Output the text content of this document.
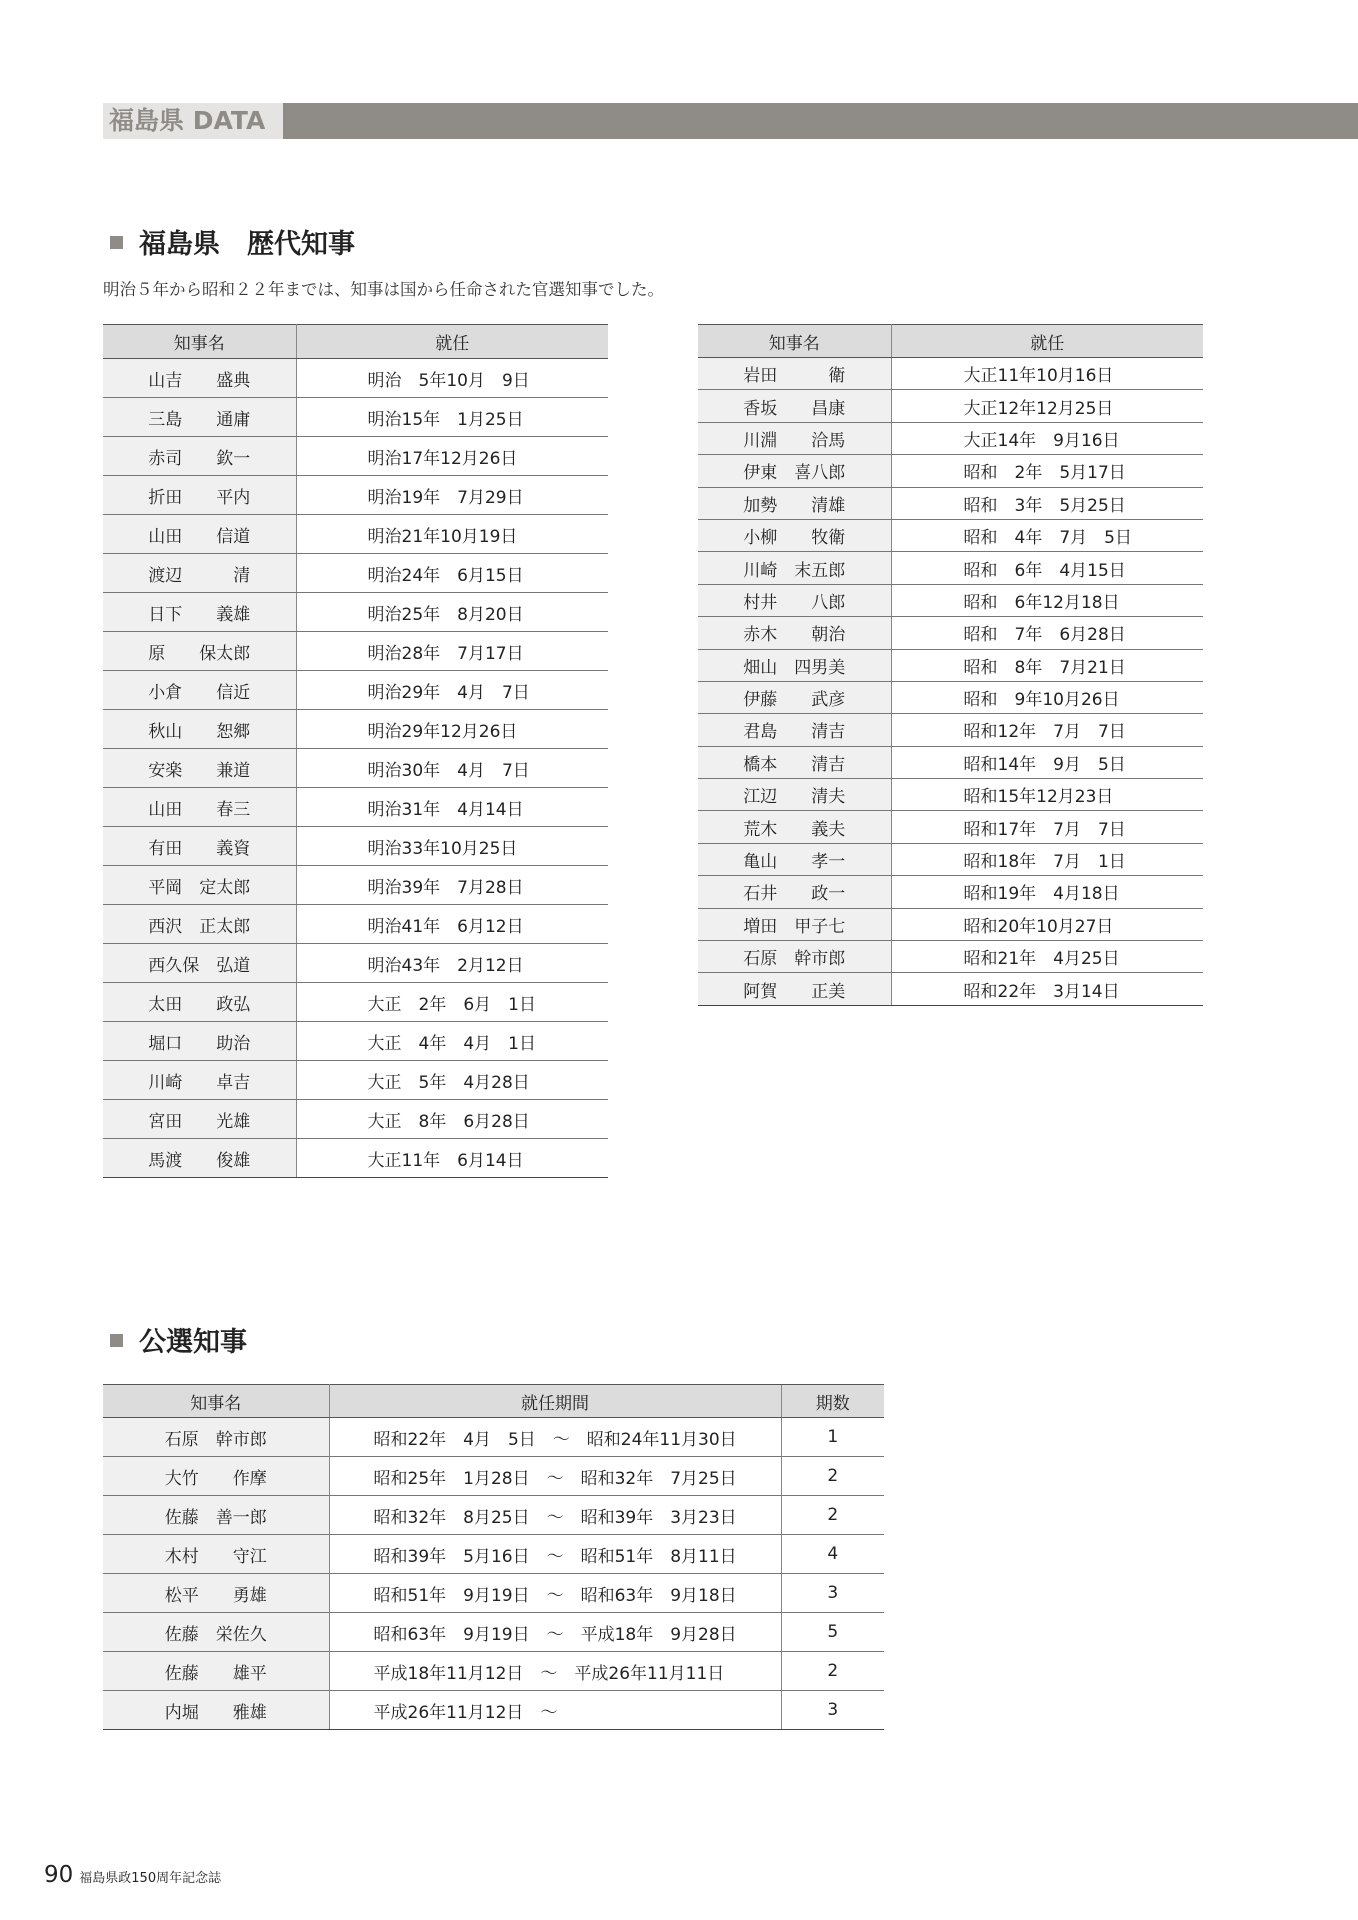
福島県 DATA
福島県　歴代知事
明治５年から昭和２２年までは、知事は国から任命された官選知事でした。
知事名	就任
山吉　　盛典	明治　5年10月　9日
三島　　通庸	明治15年　1月25日
赤司　　欽一	明治17年12月26日
折田　　平内	明治19年　7月29日
山田　　信道	明治21年10月19日
渡辺　　　清	明治24年　6月15日
日下　　義雄	明治25年　8月20日
原　　保太郎	明治28年　7月17日
小倉　　信近	明治29年　4月　7日
秋山　　恕郷	明治29年12月26日
安楽　　兼道	明治30年　4月　7日
山田　　春三	明治31年　4月14日
有田　　義資	明治33年10月25日
平岡　定太郎	明治39年　7月28日
西沢　正太郎	明治41年　6月12日
西久保　弘道	明治43年　2月12日
太田　　政弘	大正　2年　6月　1日
堀口　　助治	大正　4年　4月　1日
川崎　　卓吉	大正　5年　4月28日
宮田　　光雄	大正　8年　6月28日
馬渡　　俊雄	大正11年　6月14日
知事名	就任
岩田　　　衛	大正11年10月16日
香坂　　昌康	大正12年12月25日
川淵　　洽馬	大正14年　9月16日
伊東　喜八郎	昭和　2年　5月17日
加勢　　清雄	昭和　3年　5月25日
小柳　　牧衛	昭和　4年　7月　5日
川崎　末五郎	昭和　6年　4月15日
村井　　八郎	昭和　6年12月18日
赤木　　朝治	昭和　7年　6月28日
畑山　四男美	昭和　8年　7月21日
伊藤　　武彦	昭和　9年10月26日
君島　　清吉	昭和12年　7月　7日
橋本　　清吉	昭和14年　9月　5日
江辺　　清夫	昭和15年12月23日
荒木　　義夫	昭和17年　7月　7日
亀山　　孝一	昭和18年　7月　1日
石井　　政一	昭和19年　4月18日
増田　甲子七	昭和20年10月27日
石原　幹市郎	昭和21年　4月25日
阿賀　　正美	昭和22年　3月14日
公選知事
知事名	就任期間	期数
石原　幹市郎	昭和22年　4月　5日　～　昭和24年11月30日	1
大竹　　作摩	昭和25年　1月28日　～　昭和32年　7月25日	2
佐藤　善一郎	昭和32年　8月25日　～　昭和39年　3月23日	2
木村　　守江	昭和39年　5月16日　～　昭和51年　8月11日	4
松平　　勇雄	昭和51年　9月19日　～　昭和63年　9月18日	3
佐藤　栄佐久	昭和63年　9月19日　～　平成18年　9月28日	5
佐藤　　雄平	平成18年11月12日　～　平成26年11月11日	2
内堀　　雅雄	平成26年11月12日　～	3
90 福島県政150周年記念誌
